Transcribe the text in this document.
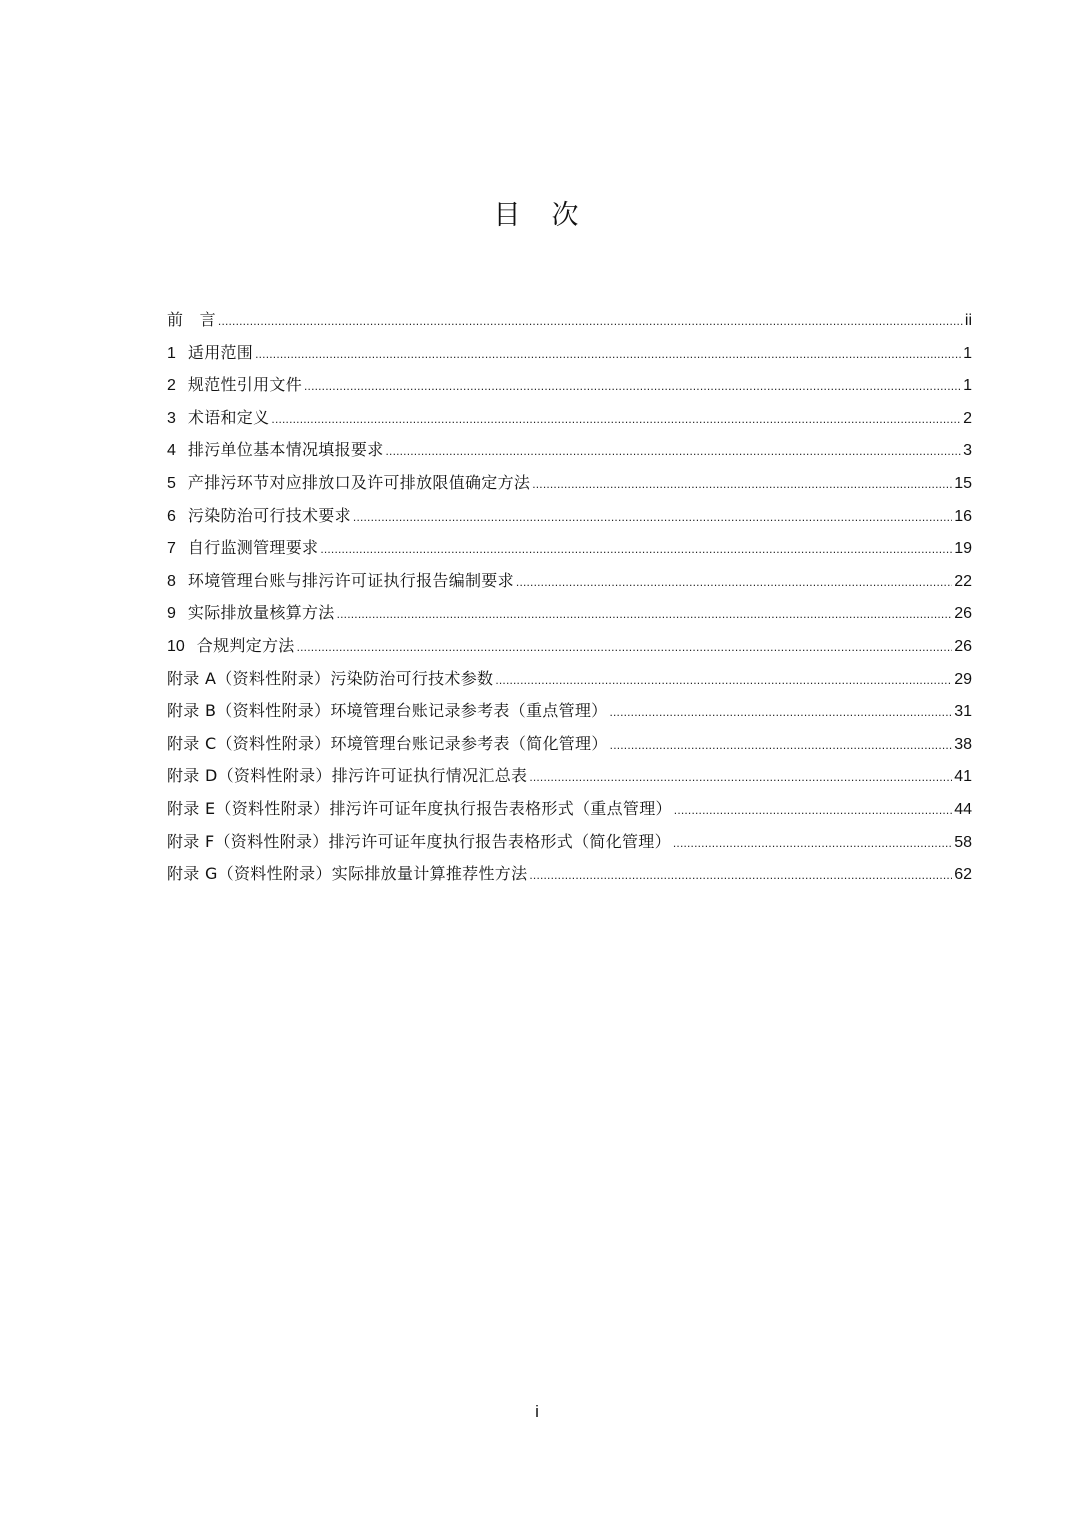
目　次
前　言 .....	ii
1 适用范围 .....	1
2 规范性引用文件 .....	1
3 术语和定义 .....	2
4 排污单位基本情况填报要求 .....	3
5 产排污环节对应排放口及许可排放限值确定方法 .....	15
6 污染防治可行技术要求 .....	16
7 自行监测管理要求 .....	19
8 环境管理台账与排污许可证执行报告编制要求 .....	22
9 实际排放量核算方法 .....	26
10 合规判定方法 .....	26
附录 A（资料性附录）污染防治可行技术参数 .....	29
附录 B（资料性附录）环境管理台账记录参考表（重点管理） .....	31
附录 C（资料性附录）环境管理台账记录参考表（简化管理） .....	38
附录 D（资料性附录）排污许可证执行情况汇总表 .....	41
附录 E（资料性附录）排污许可证年度执行报告表格形式（重点管理） .....	44
附录 F（资料性附录）排污许可证年度执行报告表格形式（简化管理） .....	58
附录 G（资料性附录）实际排放量计算推荐性方法 .....	62
i
